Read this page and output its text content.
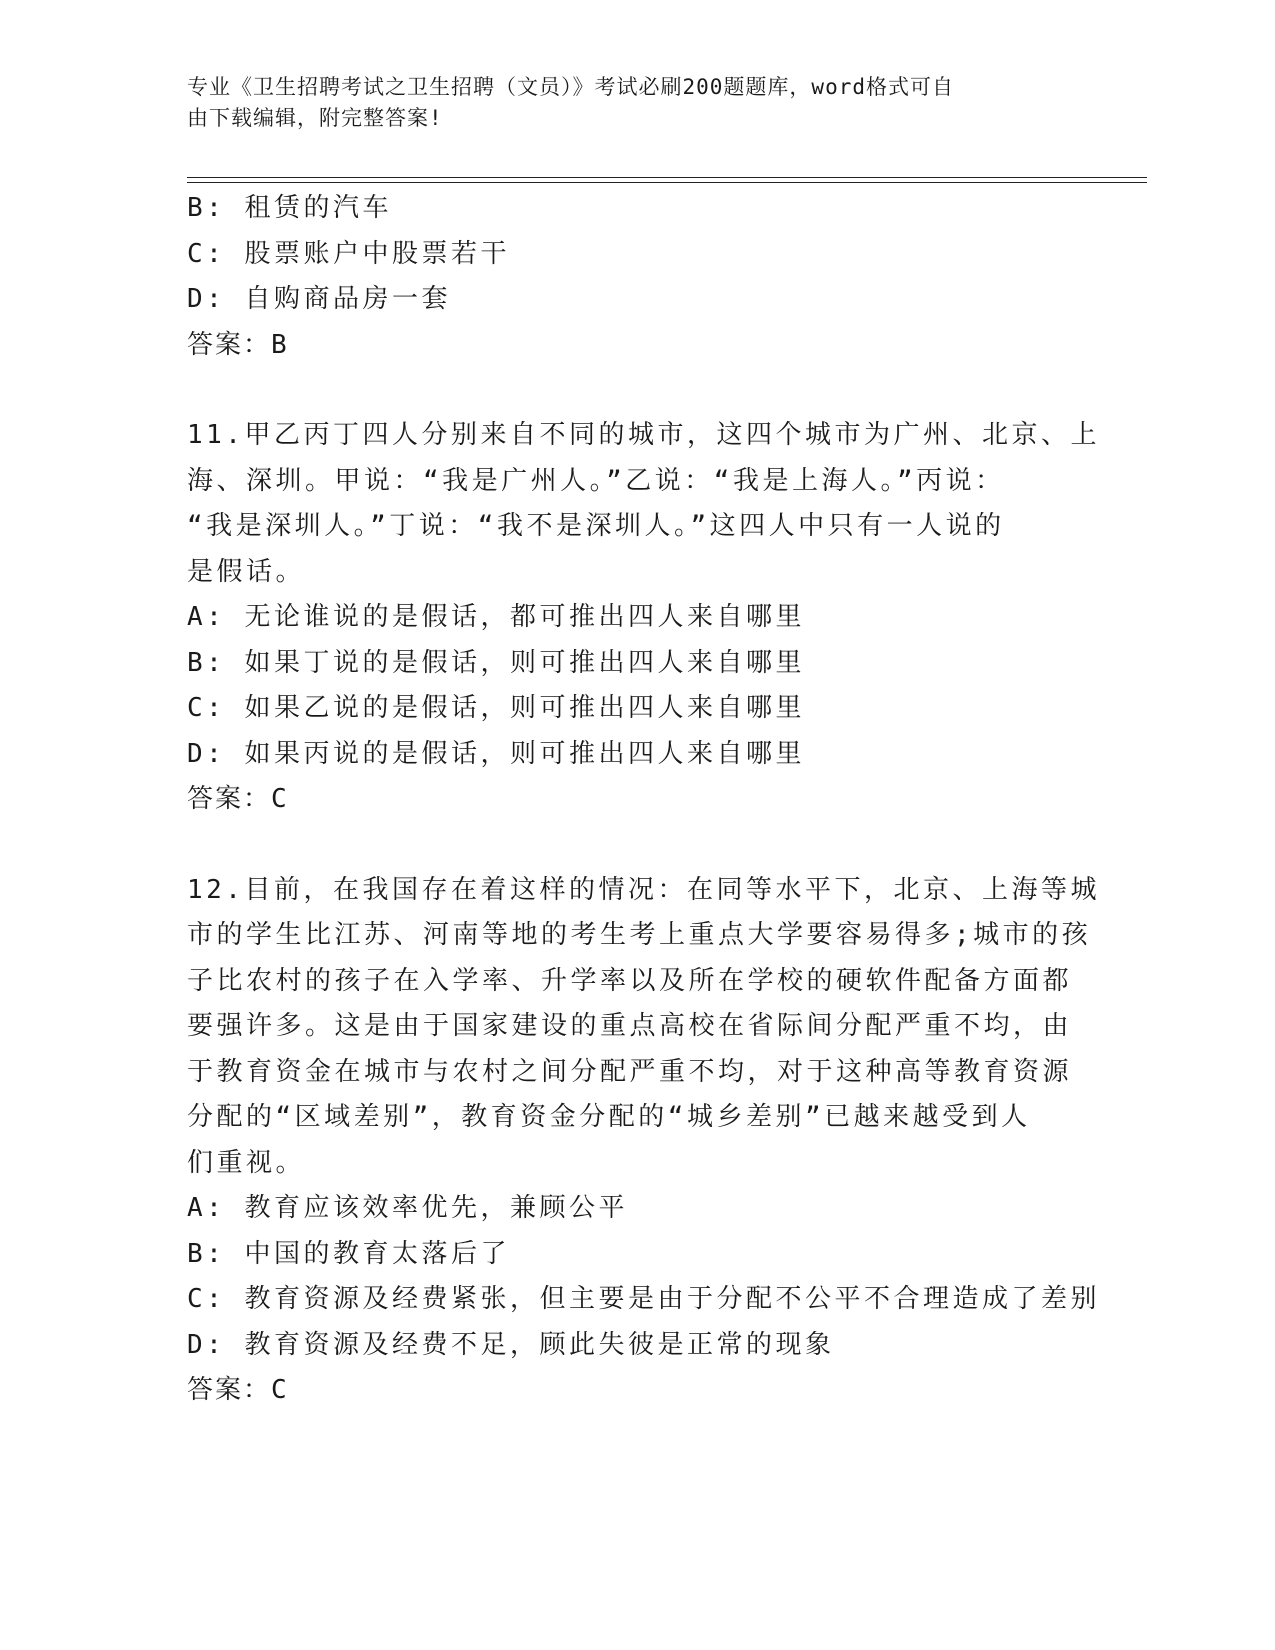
专业《卫生招聘考试之卫生招聘（文员）》考试必刷200题题库，word格式可自
由下载编辑，附完整答案!
B: 租赁的汽车
C: 股票账户中股票若干
D: 自购商品房一套
答案：B
11.甲乙丙丁四人分别来自不同的城市，这四个城市为广州、北京、上
海、深圳。甲说：“我是广州人。”乙说：“我是上海人。”丙说：
“我是深圳人。”丁说：“我不是深圳人。”这四人中只有一人说的
是假话。
A: 无论谁说的是假话，都可推出四人来自哪里
B: 如果丁说的是假话，则可推出四人来自哪里
C: 如果乙说的是假话，则可推出四人来自哪里
D: 如果丙说的是假话，则可推出四人来自哪里
答案：C
12.目前，在我国存在着这样的情况：在同等水平下，北京、上海等城
市的学生比江苏、河南等地的考生考上重点大学要容易得多;城市的孩
子比农村的孩子在入学率、升学率以及所在学校的硬软件配备方面都
要强许多。这是由于国家建设的重点高校在省际间分配严重不均，由
于教育资金在城市与农村之间分配严重不均，对于这种高等教育资源
分配的“区域差别”，教育资金分配的“城乡差别”已越来越受到人
们重视。
A: 教育应该效率优先，兼顾公平
B: 中国的教育太落后了
C: 教育资源及经费紧张，但主要是由于分配不公平不合理造成了差别
D: 教育资源及经费不足，顾此失彼是正常的现象
答案：C
